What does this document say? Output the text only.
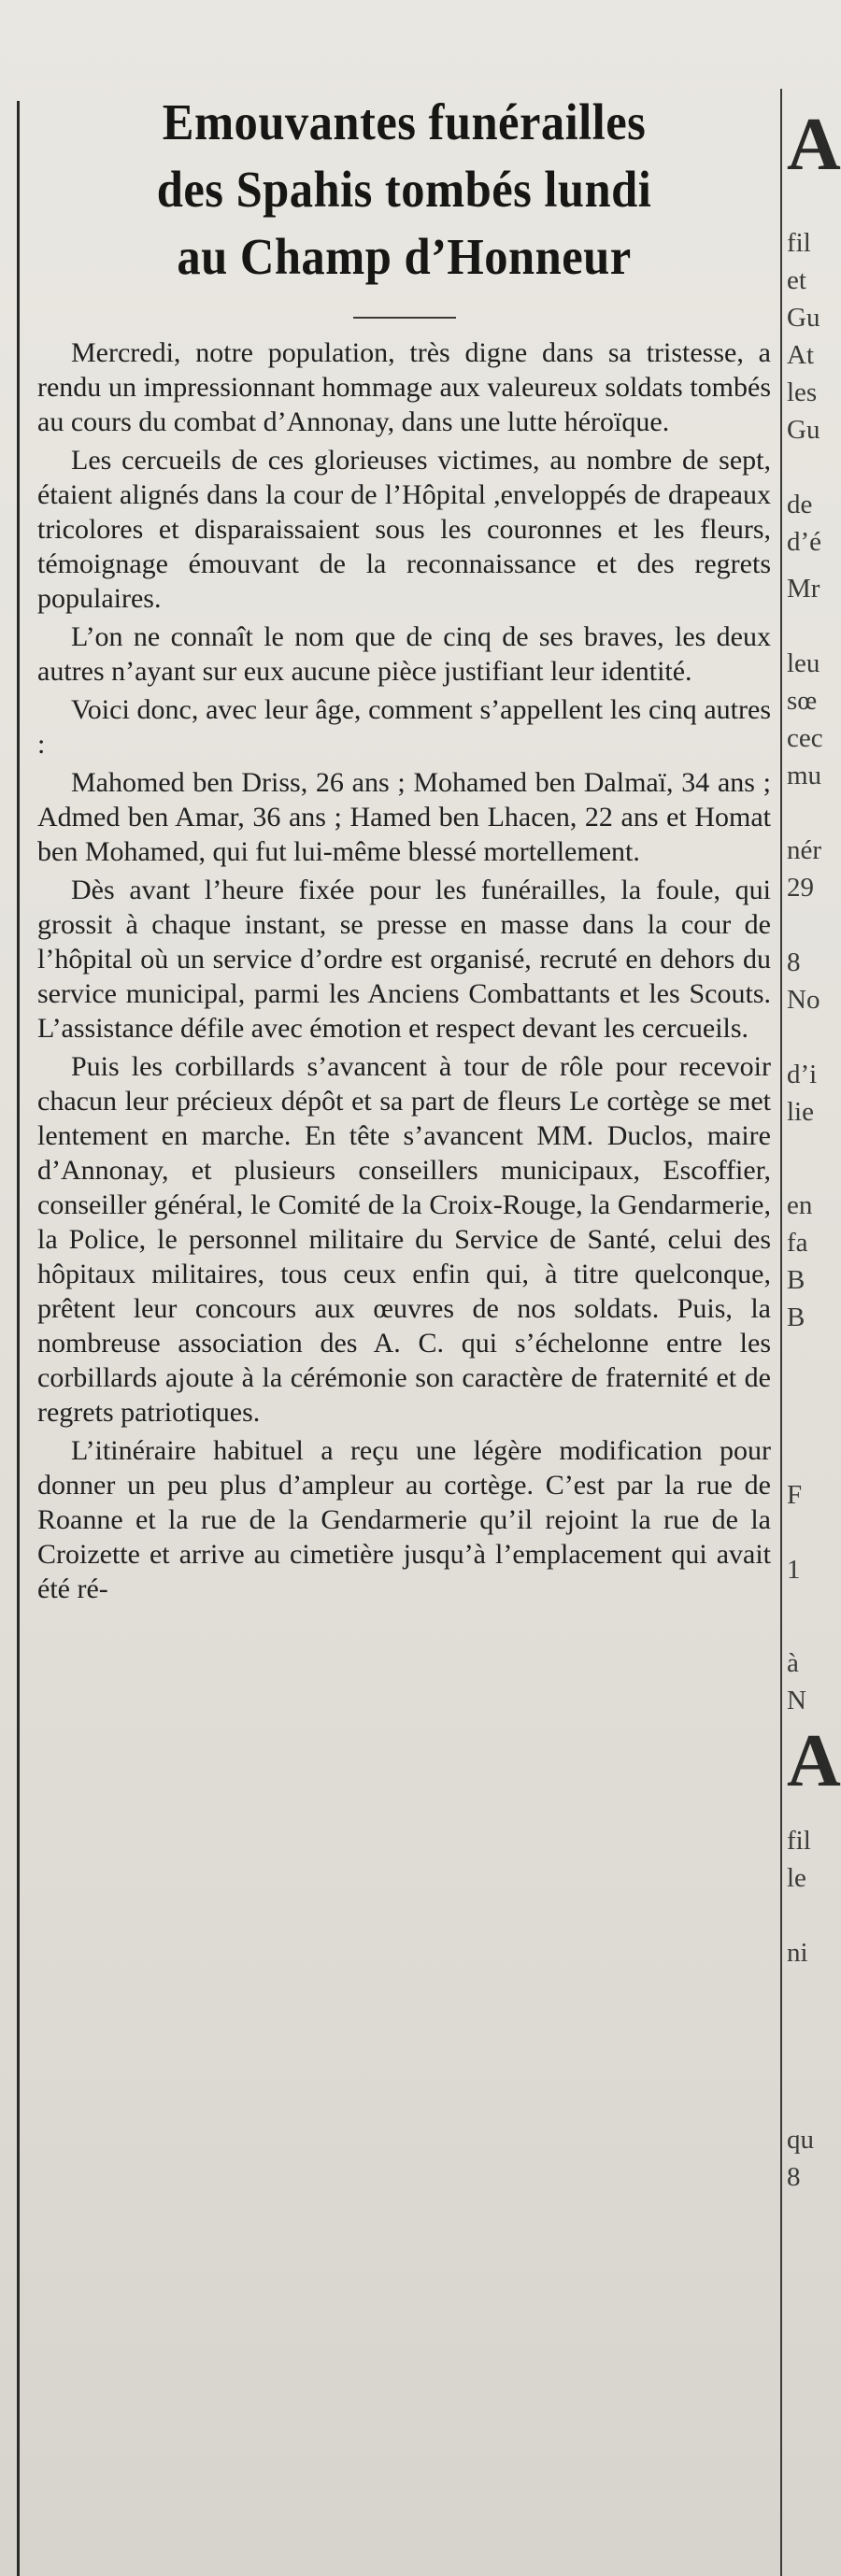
Emouvantes funérailles
des Spahis tombés lundi
au Champ d’Honneur

Mercredi, notre population, très digne dans sa tristesse, a rendu un impressionnant hommage aux valeureux soldats tombés au cours du combat d’Annonay, dans une lutte héroïque.

Les cercueils de ces glorieuses victimes, au nombre de sept, étaient alignés dans la cour de l’Hôpital ,enveloppés de drapeaux tricolores et disparaissaient sous les couronnes et les fleurs, témoignage émouvant de la reconnaissance et des regrets populaires.

L’on ne connaît le nom que de cinq de ses braves, les deux autres n’ayant sur eux aucune pièce justifiant leur identité.

Voici donc, avec leur âge, comment s’appellent les cinq autres :

Mahomed ben Driss, 26 ans ; Mohamed ben Dalmaï, 34 ans ; Admed ben Amar, 36 ans ; Hamed ben Lhacen, 22 ans et Homat ben Mohamed, qui fut lui-même blessé mortellement.

Dès avant l’heure fixée pour les funérailles, la foule, qui grossit à chaque instant, se presse en masse dans la cour de l’hôpital où un service d’ordre est organisé, recruté en dehors du service municipal, parmi les Anciens Combattants et les Scouts. L’assistance défile avec émotion et respect devant les cercueils.

Puis les corbillards s’avancent à tour de rôle pour recevoir chacun leur précieux dépôt et sa part de fleurs Le cortège se met lentement en marche. En tête s’avancent MM. Duclos, maire d’Annonay, et plusieurs conseillers municipaux, Escoffier, conseiller général, le Comité de la Croix-Rouge, la Gendarmerie, la Police, le personnel militaire du Service de Santé, celui des hôpitaux militaires, tous ceux enfin qui, à titre quelconque, prêtent leur concours aux œuvres de nos soldats. Puis, la nombreuse association des A. C. qui s’échelonne entre les corbillards ajoute à la cérémonie son caractère de fraternité et de regrets patriotiques.

L’itinéraire habituel a reçu une légère modification pour donner un peu plus d’ampleur au cortège. C’est par la rue de Roanne et la rue de la Gendarmerie qu’il rejoint la rue de la Croizette et arrive au cimetière jusqu’à l’emplacement qui avait été ré-

A
fil
et
Gu
At
les
Gu
de
d’é
Mr
leu
sœ
cec
mu
nér
29
8
No
d’i
lie
en
fa
B
B
F
1
à
N
A
fil
le
ni
qu
8
